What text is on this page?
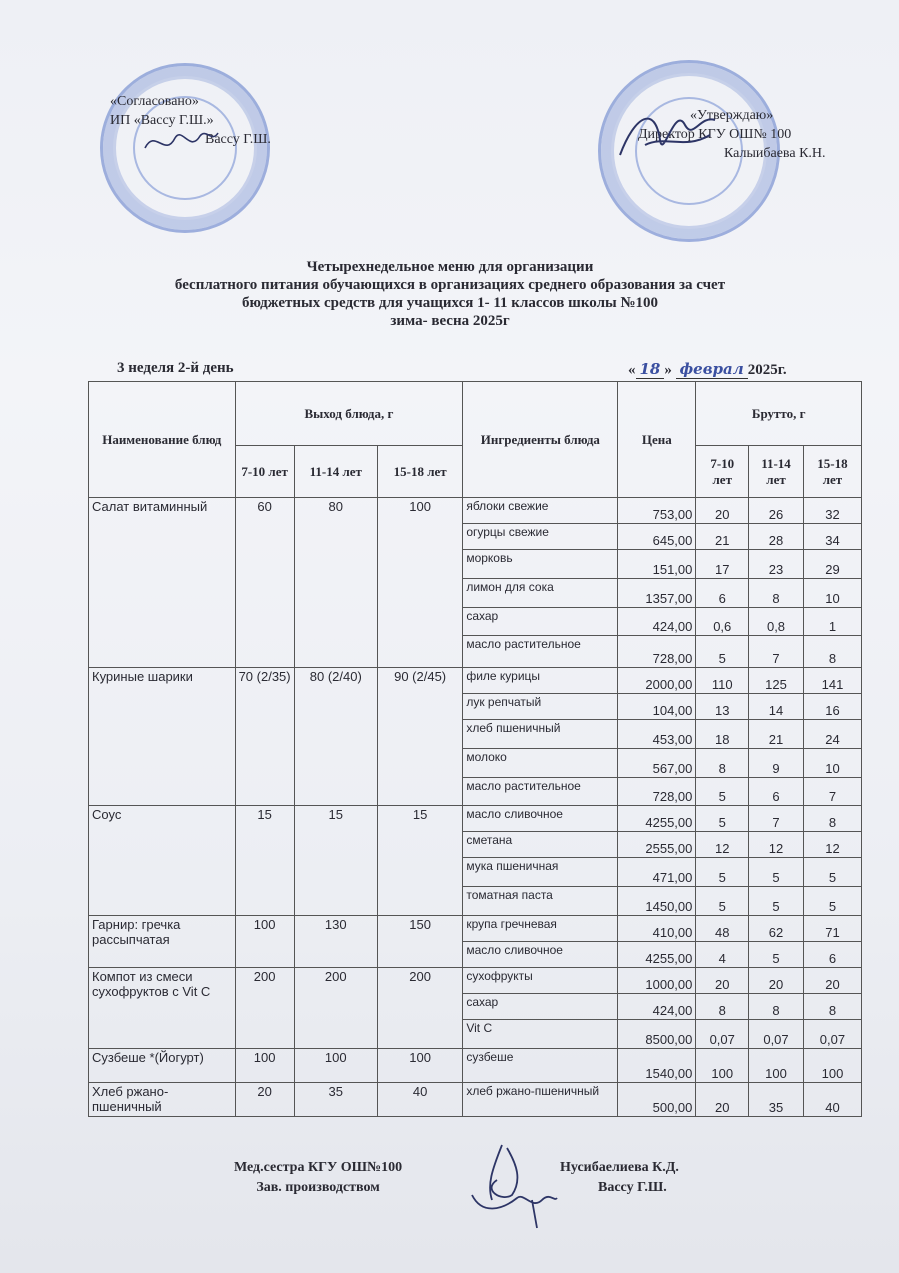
«Согласовано»
ИП «Вассу Г.Ш.»
Вассу Г.Ш.
«Утверждаю»
Директор КГУ ОШ№ 100
Калыибаева К.Н.
Четырехнедельное меню для организации
бесплатного питания обучающихся в организациях среднего образования за счет
бюджетных средств для учащихся 1- 11 классов школы №100
зима- весна 2025г
3 неделя 2-й день	« 18 » феврал 2025г.
Наименование блюд	Выход блюда, г			Ингредиенты блюда	Цена	Брутто, г		
	7-10 лет	11-14 лет	15-18 лет			7-10 лет	11-14 лет	15-18 лет
Салат витаминный	60	80	100	яблоки свежие	753,00	20	26	32
				огурцы свежие	645,00	21	28	34
				морковь	151,00	17	23	29
				лимон для сока	1357,00	6	8	10
				сахар	424,00	0,6	0,8	1
				масло растительное	728,00	5	7	8
Куриные шарики	70 (2/35)	80 (2/40)	90 (2/45)	филе курицы	2000,00	110	125	141
				лук репчатый	104,00	13	14	16
				хлеб пшеничный	453,00	18	21	24
				молоко	567,00	8	9	10
				масло растительное	728,00	5	6	7
Соус	15	15	15	масло сливочное	4255,00	5	7	8
				сметана	2555,00	12	12	12
				мука пшеничная	471,00	5	5	5
				томатная паста	1450,00	5	5	5
Гарнир: гречка рассыпчатая	100	130	150	крупа гречневая	410,00	48	62	71
				масло сливочное	4255,00	4	5	6
Компот из смеси сухофруктов с Vit C	200	200	200	сухофрукты	1000,00	20	20	20
				сахар	424,00	8	8	8
				Vit C	8500,00	0,07	0,07	0,07
Сузбеше *(Йогурт)	100	100	100	сузбеше	1540,00	100	100	100
Хлеб ржано-пшеничный	20	35	40	хлеб ржано-пшеничный	500,00	20	35	40
Мед.сестра КГУ ОШ№100
Зав. производством
Нусибаелиева К.Д.
Вассу Г.Ш.
